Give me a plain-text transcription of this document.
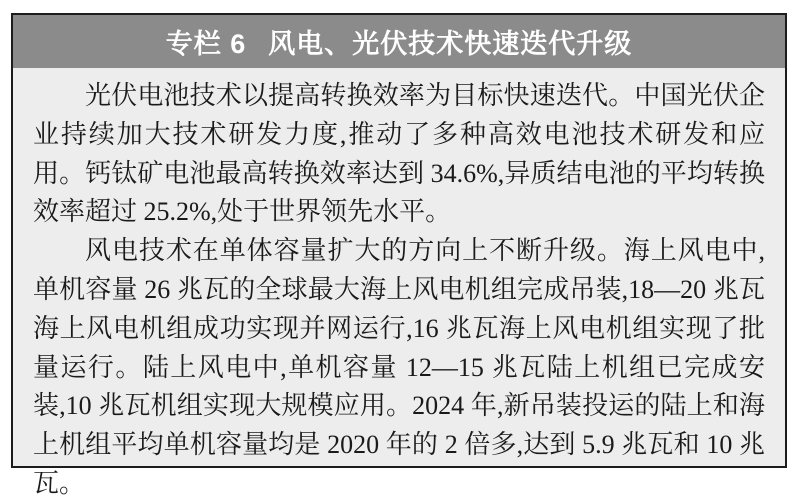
专栏 6 风电、光伏技术快速迭代升级

光伏电池技术以提高转换效率为目标快速迭代。中国光伏企业持续加大技术研发力度,推动了多种高效电池技术研发和应用。钙钛矿电池最高转换效率达到 34.6%,异质结电池的平均转换效率超过 25.2%,处于世界领先水平。

风电技术在单体容量扩大的方向上不断升级。海上风电中,单机容量 26 兆瓦的全球最大海上风电机组完成吊装,18—20 兆瓦海上风电机组成功实现并网运行,16 兆瓦海上风电机组实现了批量运行。陆上风电中,单机容量 12—15 兆瓦陆上机组已完成安装,10 兆瓦机组实现大规模应用。2024 年,新吊装投运的陆上和海上机组平均单机容量均是 2020 年的 2 倍多,达到 5.9 兆瓦和 10 兆瓦。
